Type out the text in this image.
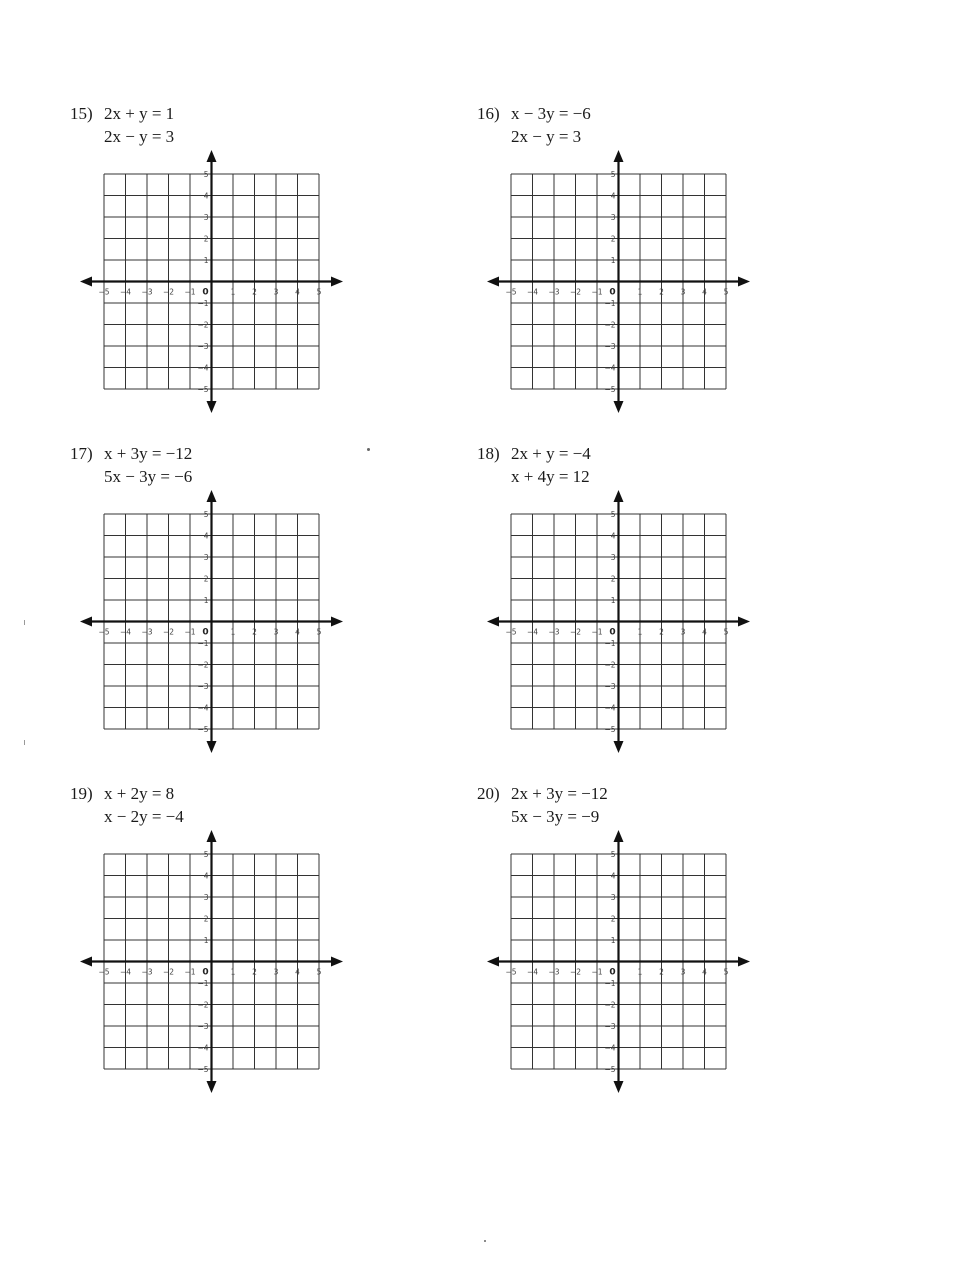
15) 2x + y = 1
2x − y = 3
−5 −4 −3 −2 −1 0	1 2 3 4 5
5
4
3
2
1
−1
−2
−3
−4
−5
16) x − 3y = −6
2x − y = 3
−5 −4 −3 −2 −1 0	1 2 3 4 5
5
4
3
2
1
−1
−2
−3
−4
−5
17) x + 3y = −12
5x − 3y = −6
−5 −4 −3 −2 −1 0	1 2 3 4 5
5
4
3
2
1
−1
−2
−3
−4
−5
18) 2x + y = −4
x + 4y = 12
−5 −4 −3 −2 −1 0	1 2 3 4 5
5
4
3
2
1
−1
−2
−3
−4
−5
19) x + 2y = 8
x − 2y = −4
−5 −4 −3 −2 −1 0	1 2 3 4 5
5
4
3
2
1
−1
−2
−3
−4
−5
20) 2x + 3y = −12
5x − 3y = −9
−5 −4 −3 −2 −1 0	1 2 3 4 5
5
4
3
2
1
−1
−2
−3
−4
−5
